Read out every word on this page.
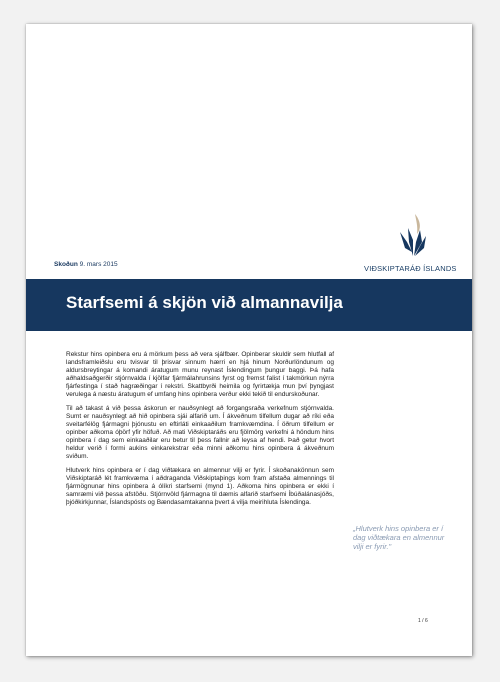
VIÐSKIPTARÁÐ ÍSLANDS
Skoðun 9. mars 2015
Starfsemi á skjön við almannavilja

Rekstur hins opinbera eru á mörkum þess að vera sjálfbær. Opinberar skuldir sem hlutfall af landsframleiðslu eru tvisvar til þrisvar sinnum hærri en hjá hinum Norðurlöndunum og aldursbreytingar á komandi áratugum munu reynast Íslendingum þungur baggi. Þá hafa aðhaldsaðgerðir stjórnvalda í kjölfar fjármálahrunsins fyrst og fremst falist í takmörkun nýrra fjárfestinga í stað hagræðingar í rekstri. Skattbyrði heimila og fyrirtækja mun því þyngjast verulega á næstu áratugum ef umfang hins opinbera verður ekki tekið til endurskoðunar.

Til að takast á við þessa áskorun er nauðsynlegt að forgangsraða verkefnum stjórnvalda. Sumt er nauðsynlegt að hið opinbera sjái alfarið um. Í ákveðnum tilfellum dugar að ríki eða sveitarfélög fjármagni þjónustu en eftirláti einkaaðilum framkvæmdina. Í öðrum tilfellum er opinber aðkoma óþörf yfir höfuð. Að mati Viðskiptaráðs eru fjölmörg verkefni á höndum hins opinbera í dag sem einkaaðilar eru betur til þess fallnir að leysa af hendi. Það getur hvort heldur verið í formi aukins einkarekstrar eða minni aðkomu hins opinbera á ákveðnum sviðum.

Hlutverk hins opinbera er í dag viðtækara en almennur vilji er fyrir. Í skoðanakönnun sem Viðskiptaráð lét framkvæma í aðdraganda Viðskiptaþings kom fram afstaða almennings til fjármögnunar hins opinbera á ólíkri starfsemi (mynd 1). Aðkoma hins opinbera er ekki í samræmi við þessa afstöðu. Stjórnvöld fjármagna til dæmis alfarið starfsemi Íbúðalánasjóðs, þjóðkirkjunnar, Íslandspósts og Bændasamtakanna þvert á vilja meirihluta Íslendinga.

„Hlutverk hins opinbera er í dag viðtækara en almennur vilji er fyrir."
1 / 6
